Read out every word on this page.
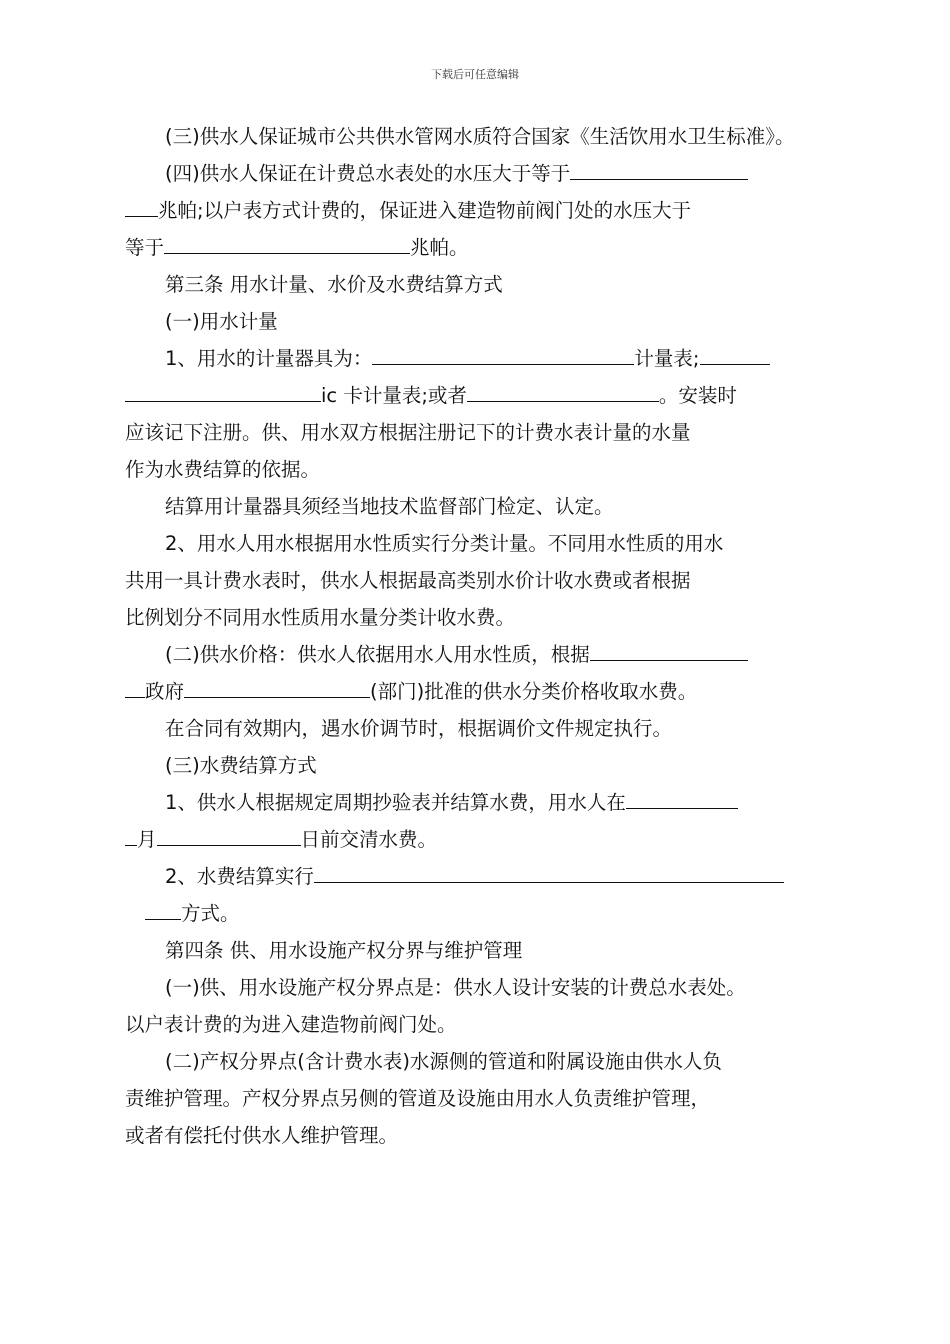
下载后可任意编辑

(三)供水人保证城市公共供水管网水质符合国家《生活饮用水卫生标准》。

(四)供水人保证在计费总水表处的水压大于等于
兆帕;以户表方式计费的，保证进入建造物前阀门处的水压大于
等于	兆帕。

第三条 用水计量、水价及水费结算方式

(一)用水计量

1、用水的计量器具为：	计量表;
ic 卡计量表;或者	。安装时
应该记下注册。供、用水双方根据注册记下的计费水表计量的水量
作为水费结算的依据。

结算用计量器具须经当地技术监督部门检定、认定。

2、用水人用水根据用水性质实行分类计量。不同用水性质的用水
共用一具计费水表时，供水人根据最高类别水价计收水费或者根据
比例划分不同用水性质用水量分类计收水费。

(二)供水价格：供水人依据用水人用水性质，根据
政府	(部门)批准的供水分类价格收取水费。

在合同有效期内，遇水价调节时，根据调价文件规定执行。

(三)水费结算方式

1、供水人根据规定周期抄验表并结算水费，用水人在
月	日前交清水费。

2、水费结算实行
方式。

第四条 供、用水设施产权分界与维护管理

(一)供、用水设施产权分界点是：供水人设计安装的计费总水表处。
以户表计费的为进入建造物前阀门处。

(二)产权分界点(含计费水表)水源侧的管道和附属设施由供水人负
责维护管理。产权分界点另侧的管道及设施由用水人负责维护管理，
或者有偿托付供水人维护管理。
